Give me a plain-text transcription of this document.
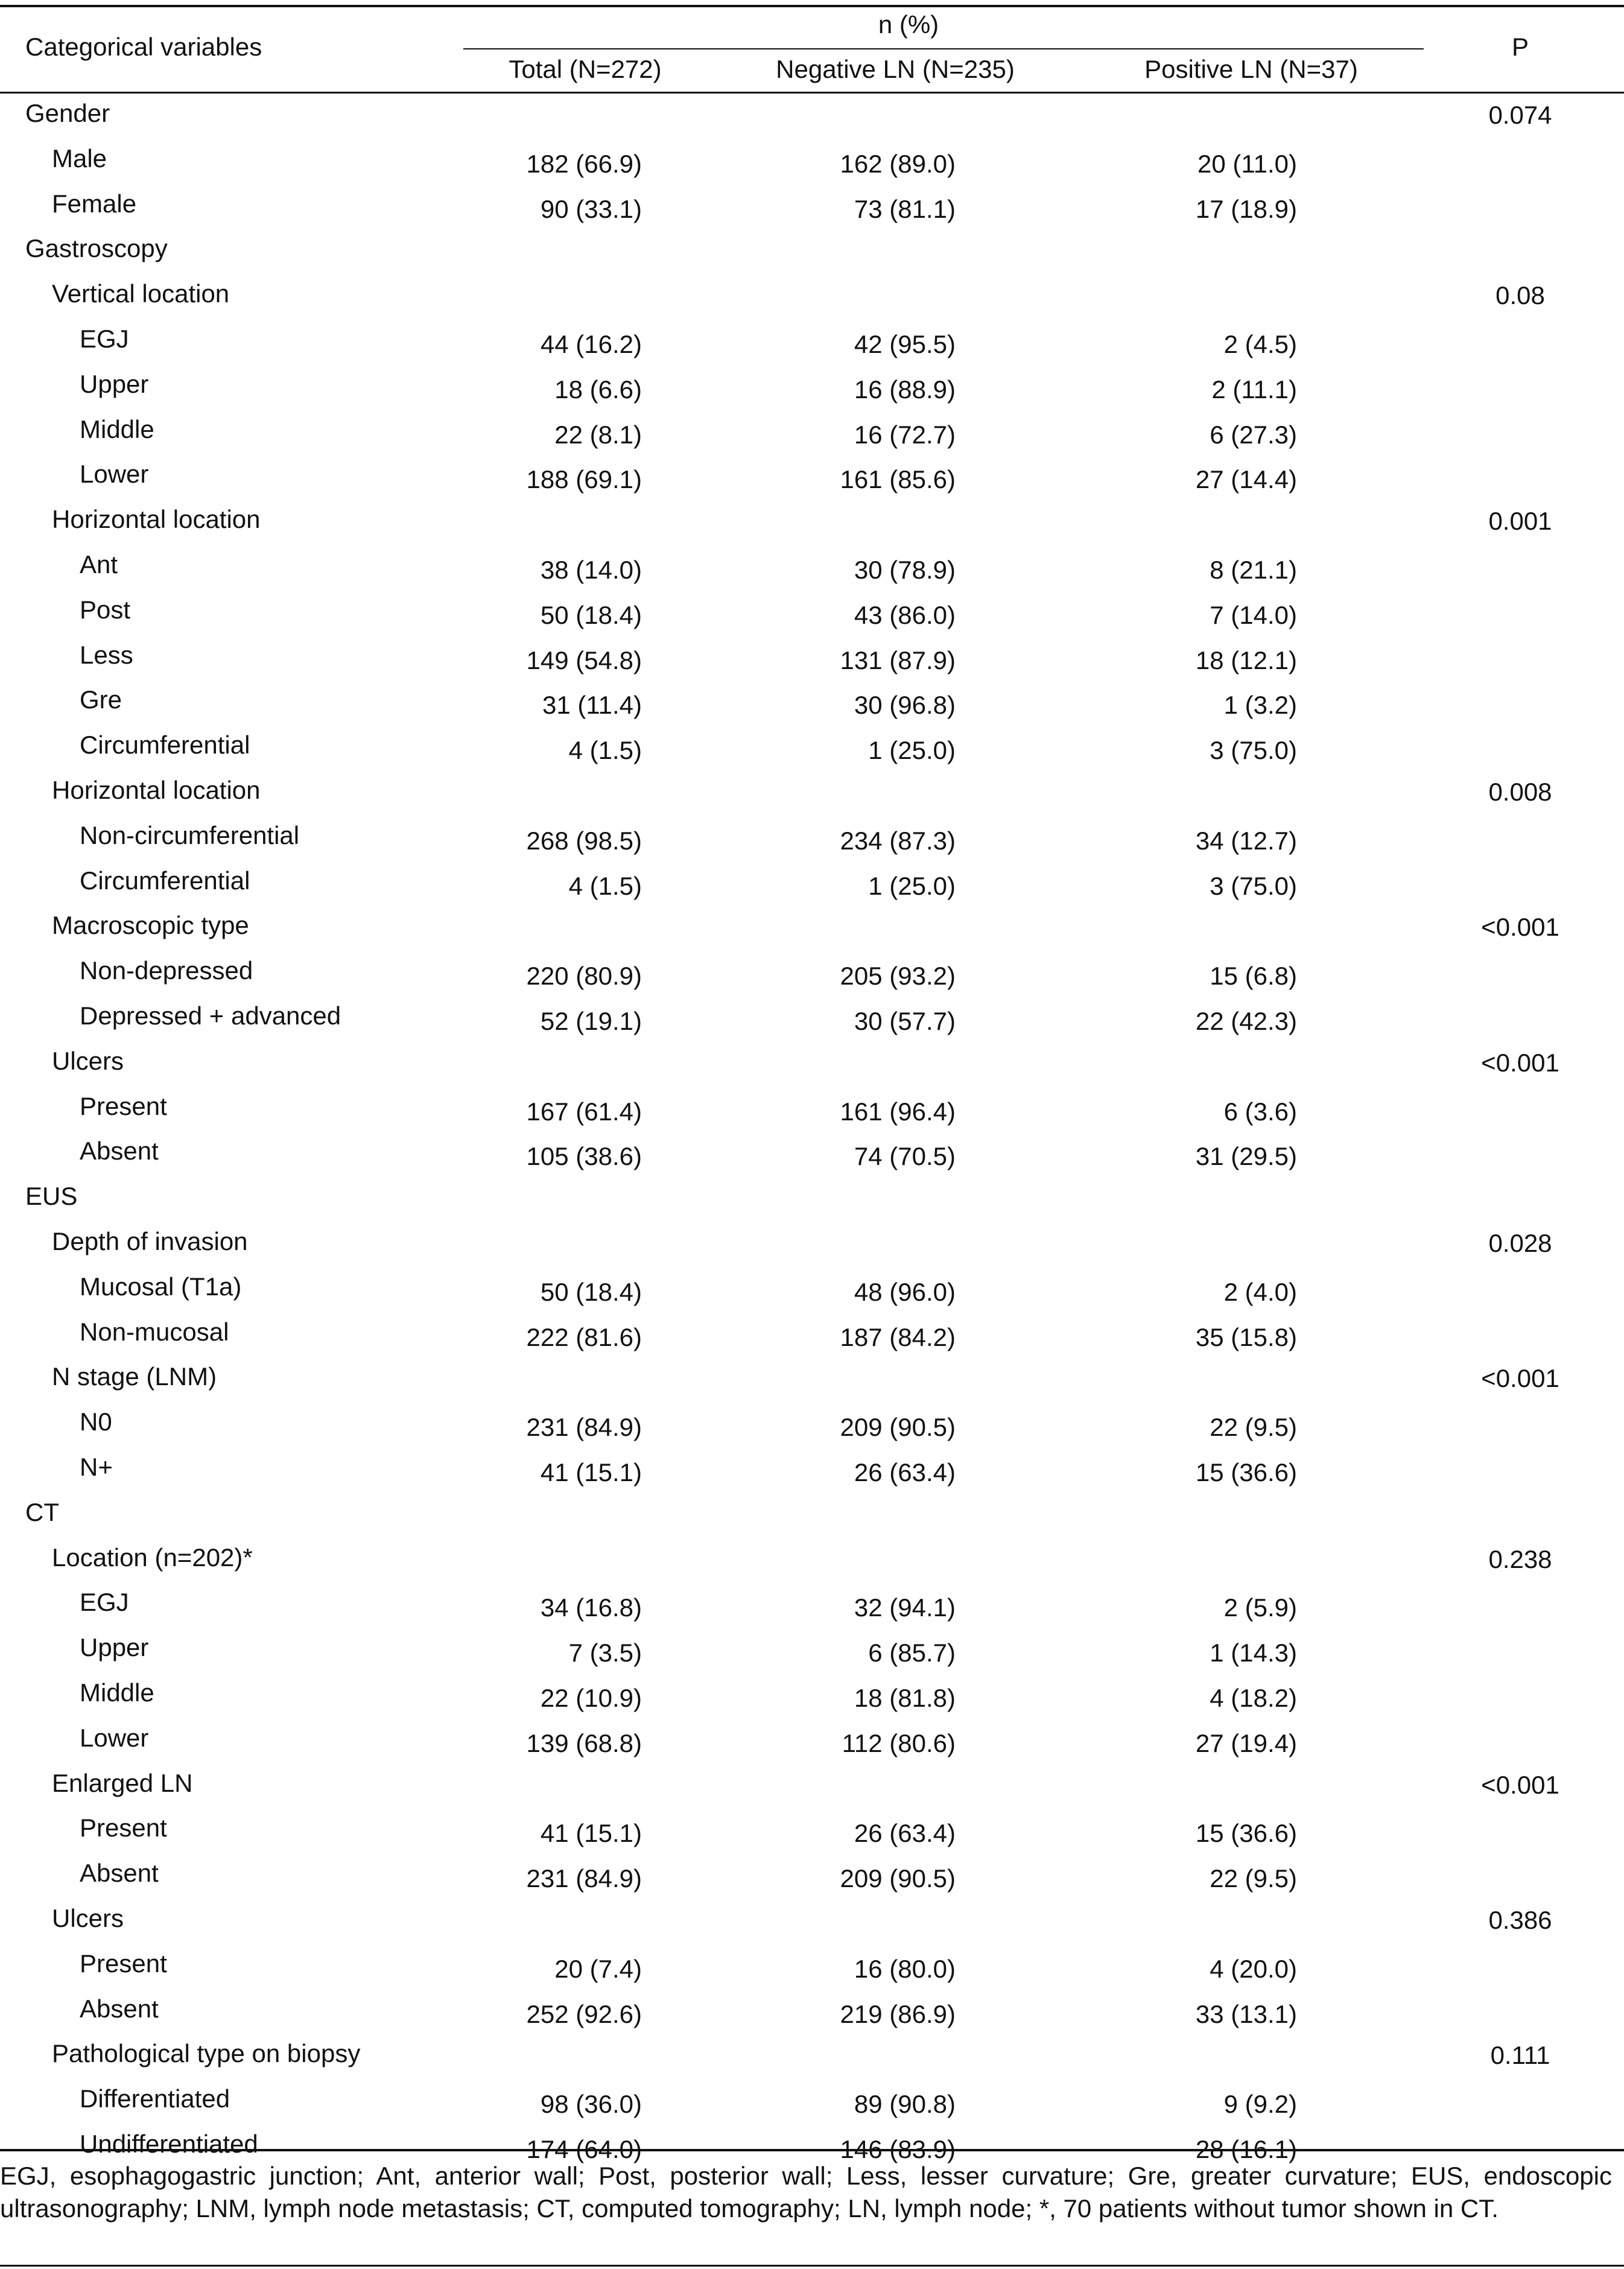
Categorical variables
n (%)
Total (N=272)	Negative LN (N=235)	Positive LN (N=37)
P
Gender	0.074
Male	182 (66.9)	162 (89.0)	20 (11.0)
Female	90 (33.1)	73 (81.1)	17 (18.9)
Gastroscopy
Vertical location	0.08
EGJ	44 (16.2)	42 (95.5)	2 (4.5)
Upper	18 (6.6)	16 (88.9)	2 (11.1)
Middle	22 (8.1)	16 (72.7)	6 (27.3)
Lower	188 (69.1)	161 (85.6)	27 (14.4)
Horizontal location	0.001
Ant	38 (14.0)	30 (78.9)	8 (21.1)
Post	50 (18.4)	43 (86.0)	7 (14.0)
Less	149 (54.8)	131 (87.9)	18 (12.1)
Gre	31 (11.4)	30 (96.8)	1 (3.2)
Circumferential	4 (1.5)	1 (25.0)	3 (75.0)
Horizontal location	0.008
Non-circumferential	268 (98.5)	234 (87.3)	34 (12.7)
Circumferential	4 (1.5)	1 (25.0)	3 (75.0)
Macroscopic type	<0.001
Non-depressed	220 (80.9)	205 (93.2)	15 (6.8)
Depressed + advanced	52 (19.1)	30 (57.7)	22 (42.3)
Ulcers	<0.001
Present	167 (61.4)	161 (96.4)	6 (3.6)
Absent	105 (38.6)	74 (70.5)	31 (29.5)
EUS
Depth of invasion	0.028
Mucosal (T1a)	50 (18.4)	48 (96.0)	2 (4.0)
Non-mucosal	222 (81.6)	187 (84.2)	35 (15.8)
N stage (LNM)	<0.001
N0	231 (84.9)	209 (90.5)	22 (9.5)
N+	41 (15.1)	26 (63.4)	15 (36.6)
CT
Location (n=202)*	0.238
EGJ	34 (16.8)	32 (94.1)	2 (5.9)
Upper	7 (3.5)	6 (85.7)	1 (14.3)
Middle	22 (10.9)	18 (81.8)	4 (18.2)
Lower	139 (68.8)	112 (80.6)	27 (19.4)
Enlarged LN	<0.001
Present	41 (15.1)	26 (63.4)	15 (36.6)
Absent	231 (84.9)	209 (90.5)	22 (9.5)
Ulcers	0.386
Present	20 (7.4)	16 (80.0)	4 (20.0)
Absent	252 (92.6)	219 (86.9)	33 (13.1)
Pathological type on biopsy	0.111
Differentiated	98 (36.0)	89 (90.8)	9 (9.2)
Undifferentiated	174 (64.0)	146 (83.9)	28 (16.1)
EGJ, esophagogastric junction; Ant, anterior wall; Post, posterior wall; Less, lesser curvature; Gre, greater curvature; EUS, endoscopic ultrasonography; LNM, lymph node metastasis; CT, computed tomography; LN, lymph node; *, 70 patients without tumor shown in CT.
